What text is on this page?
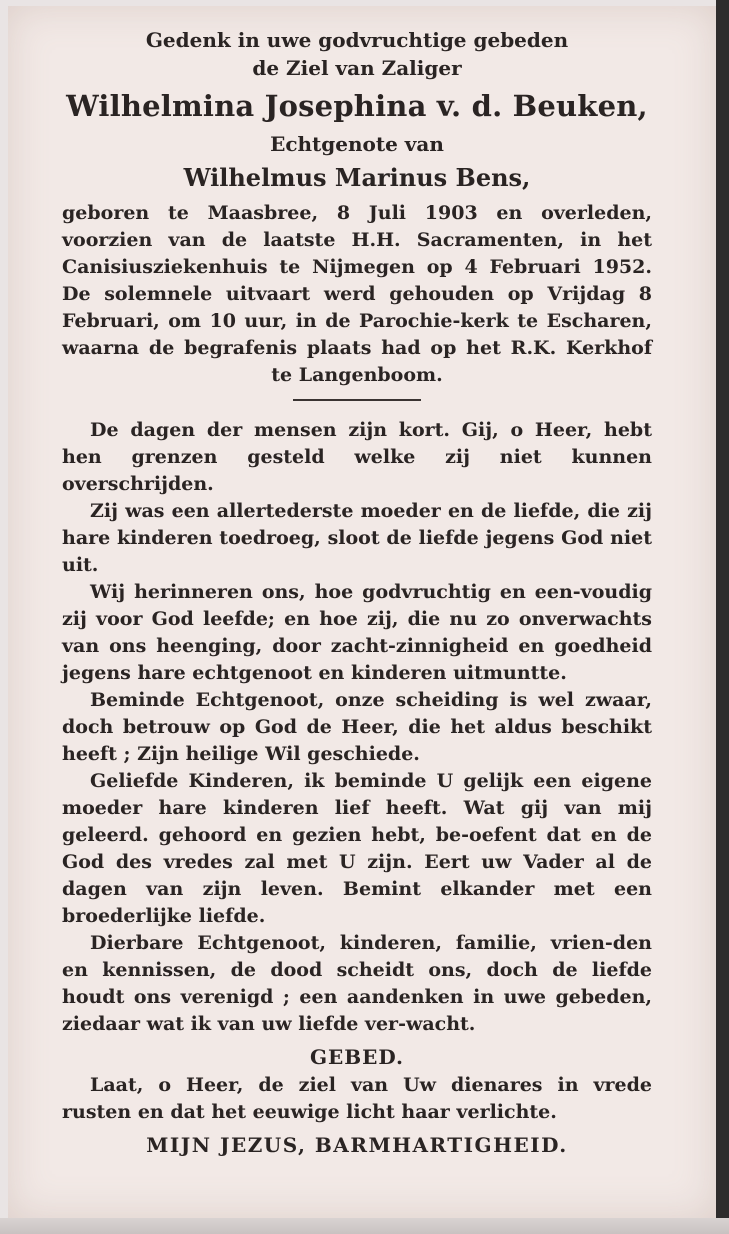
Gedenk in uwe godvruchtige gebeden

de Ziel van Zaliger

Wilhelmina Josephina v. d. Beuken,

Echtgenote van

Wilhelmus Marinus Bens,

geboren te Maasbree, 8 Juli 1903 en overleden, voorzien van de laatste H.H. Sacramenten, in het Canisiusziekenhuis te Nijmegen op 4 Februari 1952. De solemnele uitvaart werd gehouden op Vrijdag 8 Februari, om 10 uur, in de Parochie-kerk te Escharen, waarna de begrafenis plaats had op het R.K. Kerkhof te Langenboom.

De dagen der mensen zijn kort. Gij, o Heer, hebt hen grenzen gesteld welke zij niet kunnen overschrijden.

Zij was een allertederste moeder en de liefde, die zij hare kinderen toedroeg, sloot de liefde jegens God niet uit.

Wij herinneren ons, hoe godvruchtig en een-voudig zij voor God leefde; en hoe zij, die nu zo onverwachts van ons heenging, door zacht-zinnigheid en goedheid jegens hare echtgenoot en kinderen uitmuntte.

Beminde Echtgenoot, onze scheiding is wel zwaar, doch betrouw op God de Heer, die het aldus beschikt heeft ; Zijn heilige Wil geschiede.

Geliefde Kinderen, ik beminde U gelijk een eigene moeder hare kinderen lief heeft. Wat gij van mij geleerd. gehoord en gezien hebt, be-oefent dat en de God des vredes zal met U zijn. Eert uw Vader al de dagen van zijn leven. Bemint elkander met een broederlijke liefde.

Dierbare Echtgenoot, kinderen, familie, vrien-den en kennissen, de dood scheidt ons, doch de liefde houdt ons verenigd ; een aandenken in uwe gebeden, ziedaar wat ik van uw liefde ver-wacht.

GEBED.

Laat, o Heer, de ziel van Uw dienares in vrede rusten en dat het eeuwige licht haar verlichte.

MIJN JEZUS, BARMHARTIGHEID.
